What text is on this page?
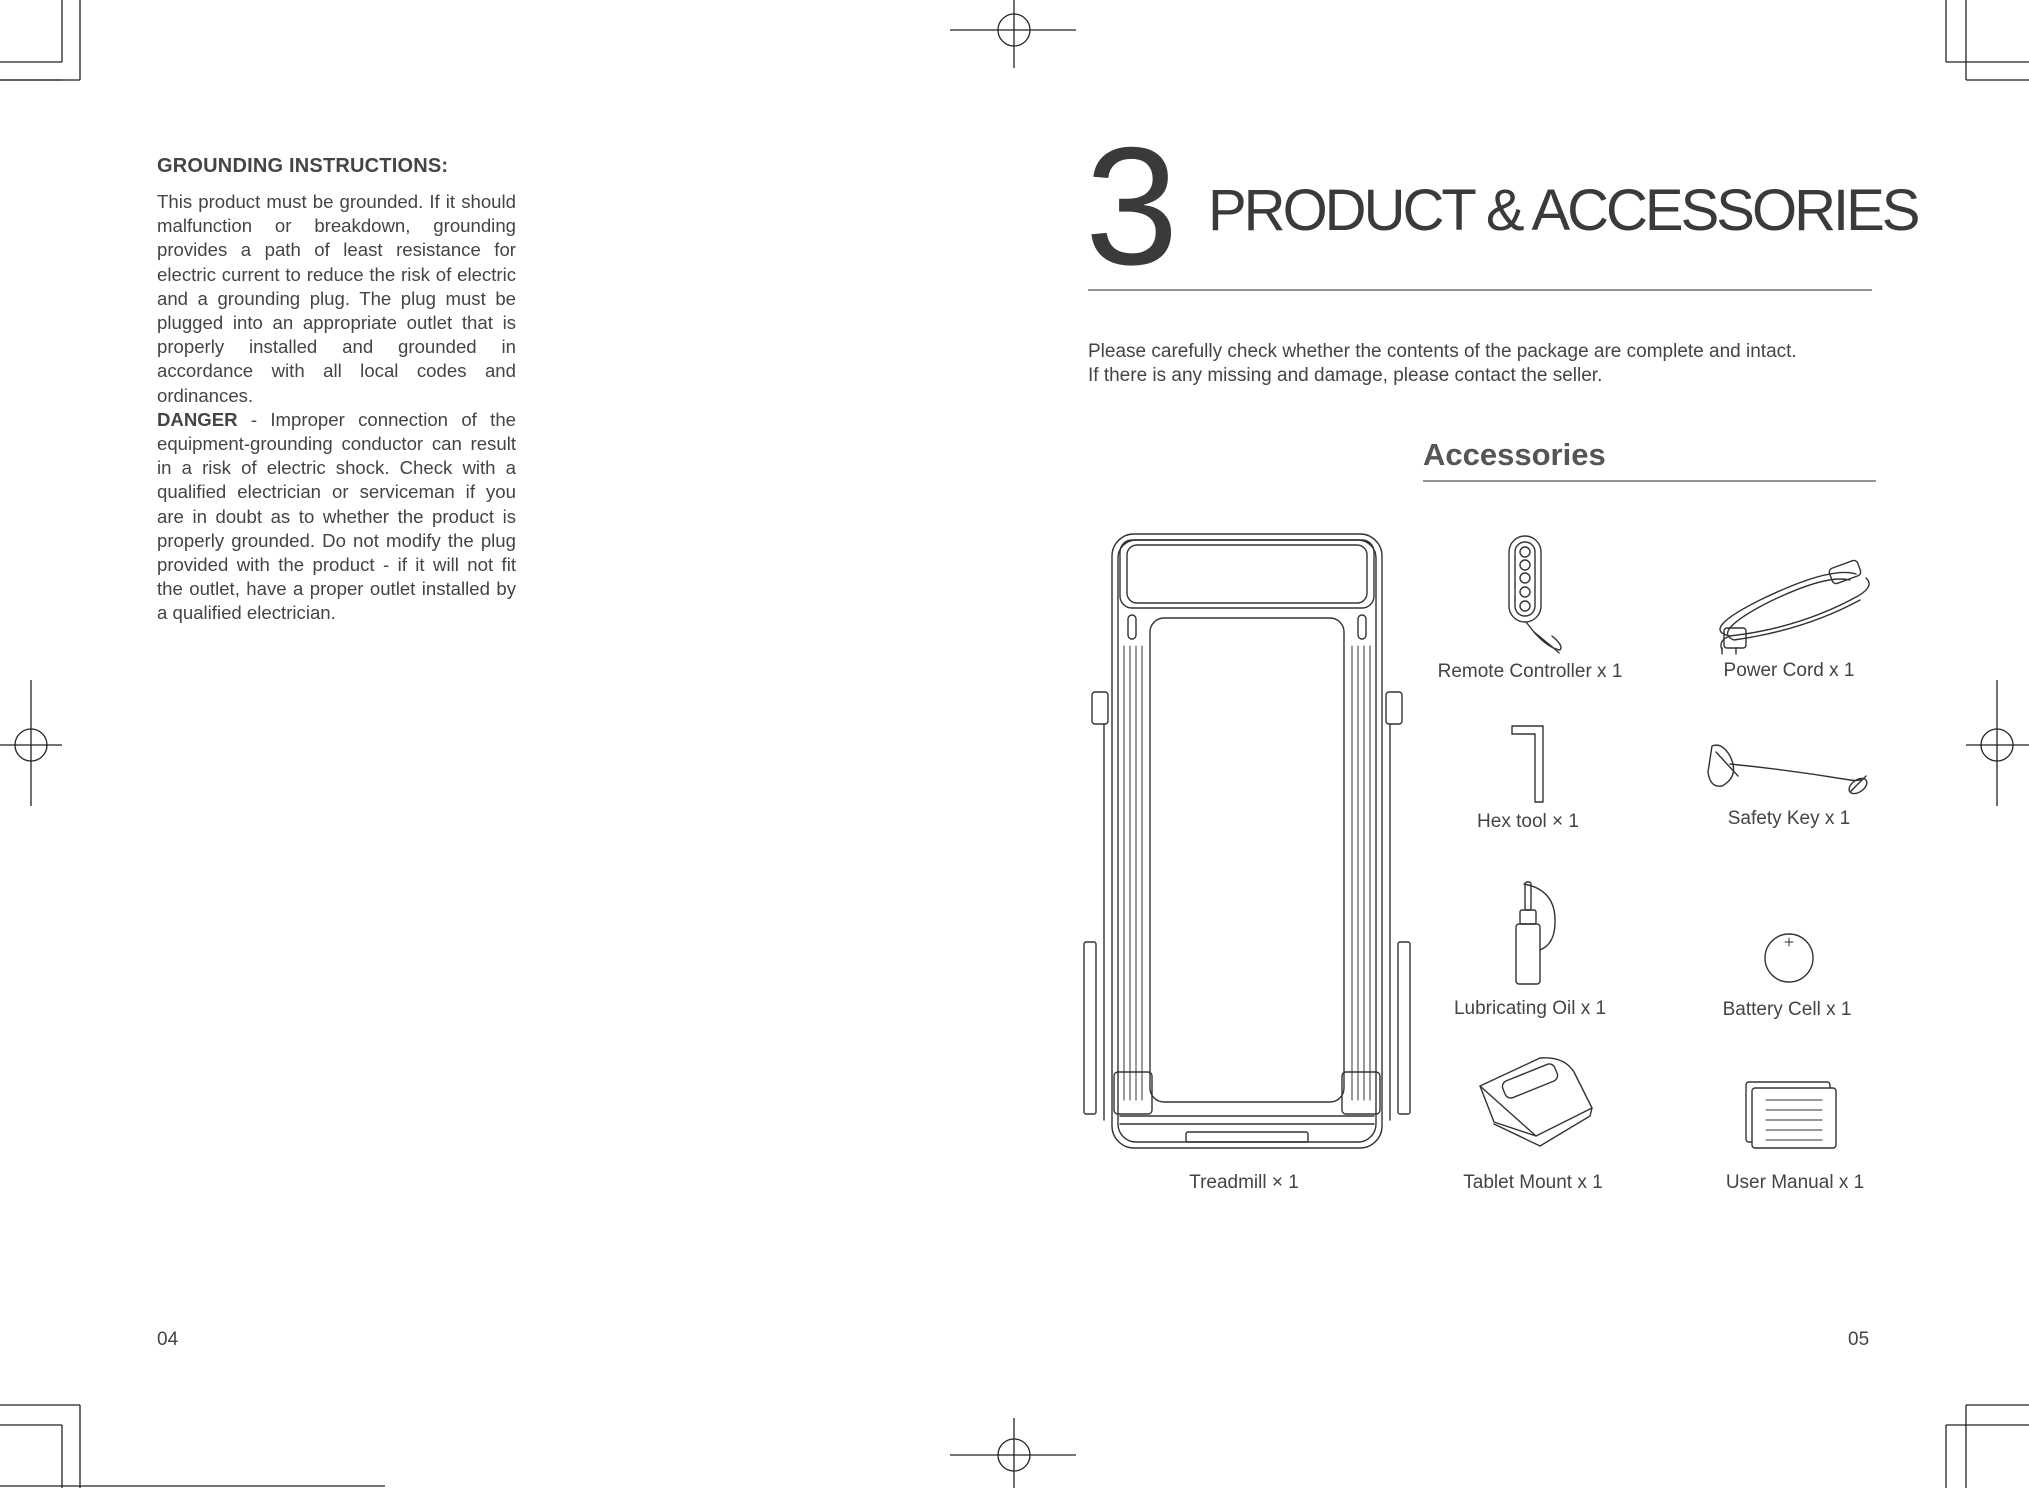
GROUNDING INSTRUCTIONS:
This product must be grounded. If it should malfunction or breakdown, grounding provides a path of least resistance for electric current to reduce the risk of electric and a grounding plug. The plug must be plugged into an appropriate outlet that is properly installed and grounded in accordance with all local codes and ordinances.
DANGER - Improper connection of the equipment-grounding conductor can result in a risk of electric shock. Check with a qualified electrician or serviceman if you are in doubt as to whether the product is properly grounded. Do not modify the plug provided with the product - if it will not fit the outlet, have a proper outlet installed by a qualified electrician.
04
3 PRODUCT & ACCESSORIES
Please carefully check whether the contents of the package are complete and intact.
If there is any missing and damage, please contact the seller.
Accessories
Treadmill × 1
Remote Controller x 1	Power Cord x 1
Hex tool × 1	Safety Key x 1
Lubricating Oil x 1	Battery Cell x 1
Tablet Mount x 1	User Manual x 1
05
